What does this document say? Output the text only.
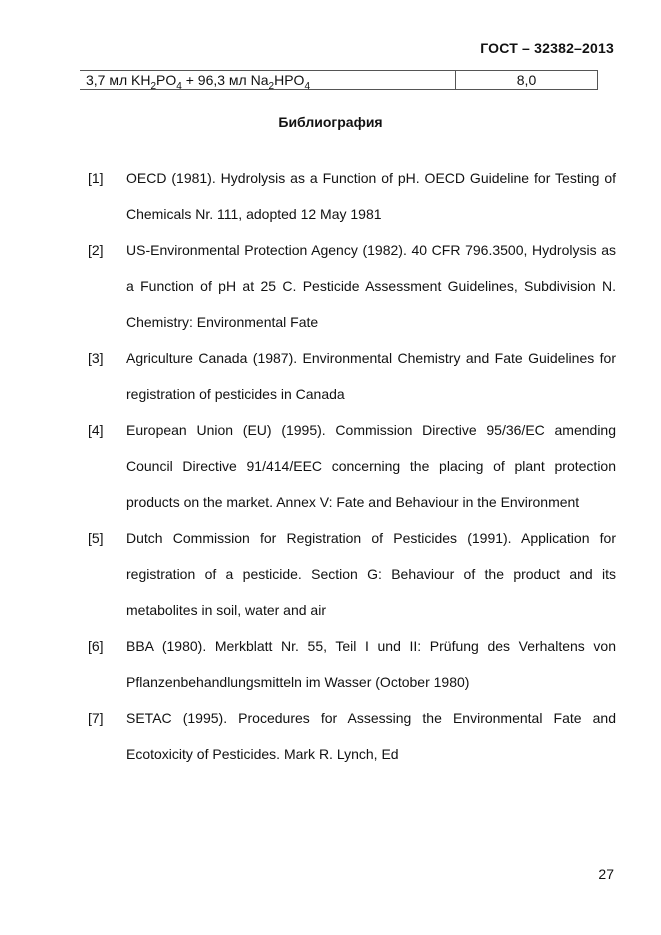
ГОСТ – 32382–2013
3,7 мл $KH_2PO_4 + 96,3$ мл $Na_2HPO_4$	8,0
Библиография
[1] OECD (1981). Hydrolysis as a Function of pH. OECD Guideline for Testing of Chemicals Nr. 111, adopted 12 May 1981
[2] US-Environmental Protection Agency (1982). 40 CFR 796.3500, Hydrolysis as a Function of pH at 25 C. Pesticide Assessment Guidelines, Subdivision N. Chemistry: Environmental Fate
[3] Agriculture Canada (1987). Environmental Chemistry and Fate Guidelines for registration of pesticides in Canada
[4] European Union (EU) (1995). Commission Directive 95/36/EC amending Council Directive 91/414/EEC concerning the placing of plant protection products on the market. Annex V: Fate and Behaviour in the Environment
[5] Dutch Commission for Registration of Pesticides (1991). Application for registration of a pesticide. Section G: Behaviour of the product and its metabolites in soil, water and air
[6] BBA (1980). Merkblatt Nr. 55, Teil I und II: Prüfung des Verhaltens von Pflanzenbehandlungsmitteln im Wasser (October 1980)
[7] SETAC (1995). Procedures for Assessing the Environmental Fate and Ecotoxicity of Pesticides. Mark R. Lynch, Ed
27
